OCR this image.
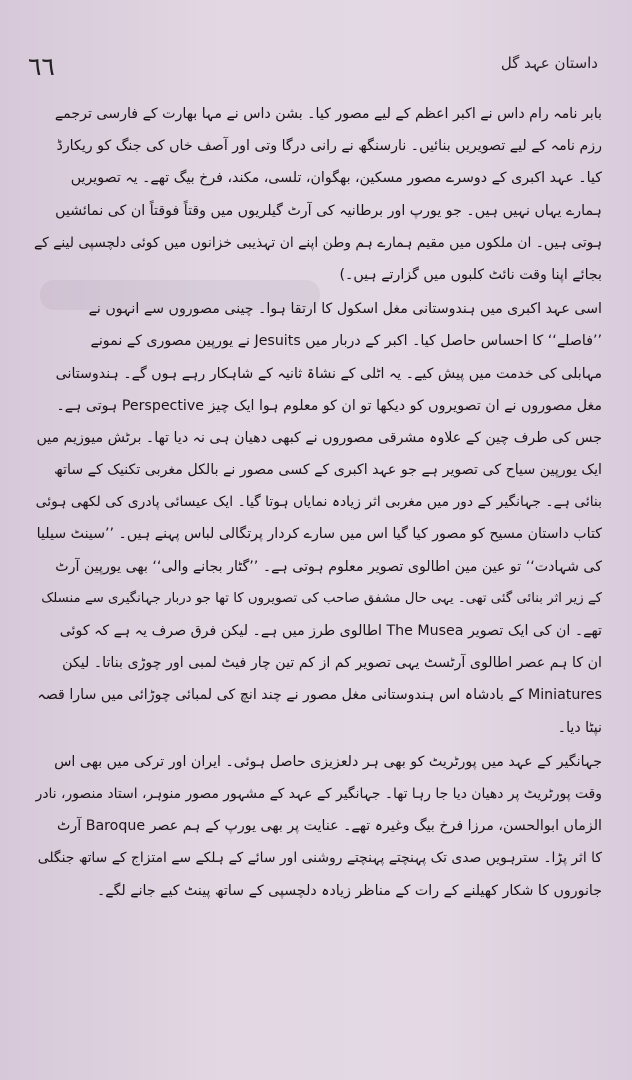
٦٦	داستان عہد گل

بابر نامہ رام داس نے اکبر اعظم کے لیے مصور کیا۔ بشن داس نے مہا بھارت کے فارسی ترجمے
رزم نامہ کے لیے تصویریں بنائیں۔ نارسنگھ نے رانی درگا وتی اور آصف خاں کی جنگ کو ریکارڈ
کیا۔ عہد اکبری کے دوسرے مصور مسکین، بھگوان، تلسی، مکند، فرخ بیگ تھے۔ یہ تصویریں
ہمارے یہاں نہیں ہیں۔ جو یورپ اور برطانیہ کی آرٹ گیلریوں میں وقتاً فوقتاً ان کی نمائشیں
ہوتی ہیں۔ ان ملکوں میں مقیم ہمارے ہم وطن اپنے ان تہذیبی خزانوں میں کوئی دلچسپی لینے کے
بجائے اپنا وقت نائٹ کلبوں میں گزارتے ہیں۔)

اسی عہد اکبری میں ہندوستانی مغل اسکول کا ارتقا ہوا۔ چینی مصوروں سے انہوں نے
’’فاصلے‘‘ کا احساس حاصل کیا۔ اکبر کے دربار میں Jesuits نے یورپین مصوری کے نمونے
مہابلی کی خدمت میں پیش کیے۔ یہ اٹلی کے نشاۃ ثانیہ کے شاہکار رہے ہوں گے۔ ہندوستانی
مغل مصوروں نے ان تصویروں کو دیکھا تو ان کو معلوم ہوا ایک چیز Perspective ہوتی ہے۔
جس کی طرف چین کے علاوہ مشرقی مصوروں نے کبھی دھیان ہی نہ دیا تھا۔ برٹش میوزیم میں
ایک یورپین سیاح کی تصویر ہے جو عہد اکبری کے کسی مصور نے بالکل مغربی تکنیک کے ساتھ
بنائی ہے۔ جہانگیر کے دور میں مغربی اثر زیادہ نمایاں ہوتا گیا۔ ایک عیسائی پادری کی لکھی ہوئی
کتاب داستان مسیح کو مصور کیا گیا اس میں سارے کردار پرتگالی لباس پہنے ہیں۔ ’’سینٹ سیلیا
کی شہادت‘‘ تو عین مین اطالوی تصویر معلوم ہوتی ہے۔ ’’گٹار بجانے والی‘‘ بھی یورپین آرٹ
کے زیر اثر بنائی گئی تھی۔ یہی حال مشفق صاحب کی تصویروں کا تھا جو دربار جہانگیری سے منسلک
تھے۔ ان کی ایک تصویر The Musea اطالوی طرز میں ہے۔ لیکن فرق صرف یہ ہے کہ کوئی
ان کا ہم عصر اطالوی آرٹسٹ یہی تصویر کم از کم تین چار فیٹ لمبی اور چوڑی بناتا۔ لیکن
Miniatures کے بادشاہ اس ہندوستانی مغل مصور نے چند انچ کی لمبائی چوڑائی میں سارا قصہ
نپٹا دیا۔

جہانگیر کے عہد میں پورٹریٹ کو بھی ہر دلعزیزی حاصل ہوئی۔ ایران اور ترکی میں بھی اس
وقت پورٹریٹ پر دھیان دیا جا رہا تھا۔ جہانگیر کے عہد کے مشہور مصور منوہر، استاد منصور، نادر
الزماں ابوالحسن، مرزا فرخ بیگ وغیرہ تھے۔ عنایت پر بھی یورپ کے ہم عصر Baroque آرٹ
کا اثر پڑا۔ سترہویں صدی تک پہنچتے پہنچتے روشنی اور سائے کے ہلکے سے امتزاج کے ساتھ جنگلی
جانوروں کا شکار کھیلنے کے رات کے مناظر زیادہ دلچسپی کے ساتھ پینٹ کیے جانے لگے۔
